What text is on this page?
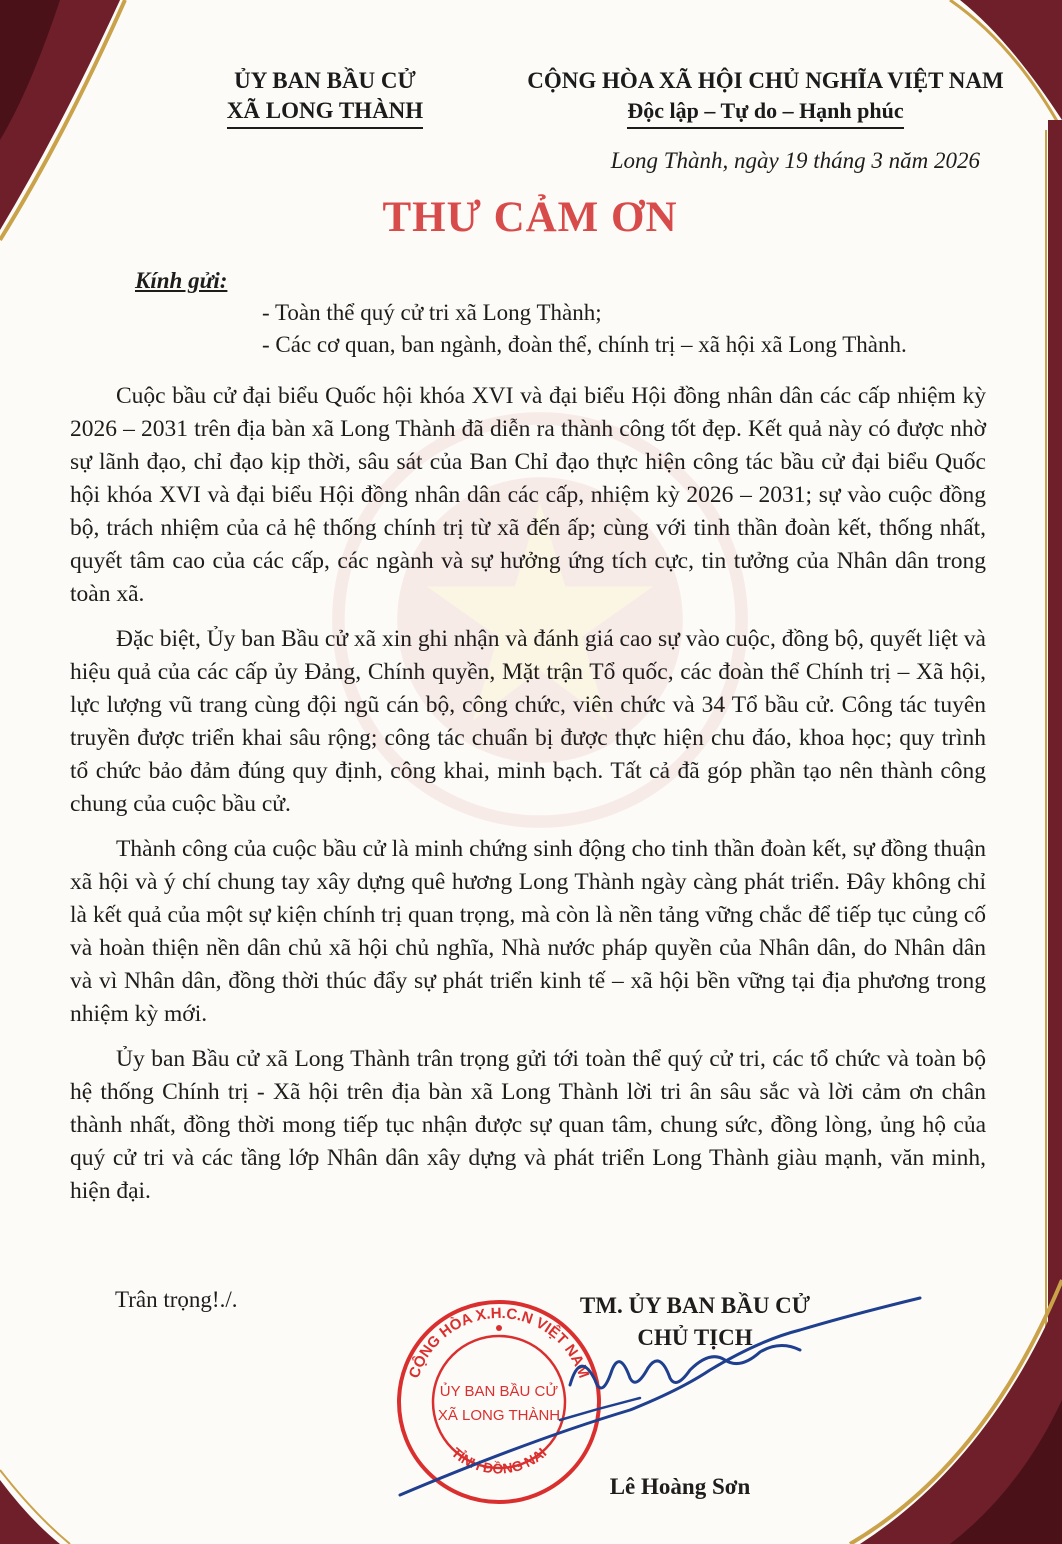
ỦY BAN BẦU CỬ
XÃ LONG THÀNH
CỘNG HÒA XÃ HỘI CHỦ NGHĨA VIỆT NAM
Độc lập – Tự do – Hạnh phúc
Long Thành, ngày 19 tháng 3 năm 2026
THƯ CẢM ƠN
Kính gửi:
- Toàn thể quý cử tri xã Long Thành;
- Các cơ quan, ban ngành, đoàn thể, chính trị – xã hội xã Long Thành.

Cuộc bầu cử đại biểu Quốc hội khóa XVI và đại biểu Hội đồng nhân dân các cấp nhiệm kỳ 2026 – 2031 trên địa bàn xã Long Thành đã diễn ra thành công tốt đẹp. Kết quả này có được nhờ sự lãnh đạo, chỉ đạo kịp thời, sâu sát của Ban Chỉ đạo thực hiện công tác bầu cử đại biểu Quốc hội khóa XVI và đại biểu Hội đồng nhân dân các cấp, nhiệm kỳ 2026 – 2031; sự vào cuộc đồng bộ, trách nhiệm của cả hệ thống chính trị từ xã đến ấp; cùng với tinh thần đoàn kết, thống nhất, quyết tâm cao của các cấp, các ngành và sự hưởng ứng tích cực, tin tưởng của Nhân dân trong toàn xã.

Đặc biệt, Ủy ban Bầu cử xã xin ghi nhận và đánh giá cao sự vào cuộc, đồng bộ, quyết liệt và hiệu quả của các cấp ủy Đảng, Chính quyền, Mặt trận Tổ quốc, các đoàn thể Chính trị – Xã hội, lực lượng vũ trang cùng đội ngũ cán bộ, công chức, viên chức và 34 Tổ bầu cử. Công tác tuyên truyền được triển khai sâu rộng; công tác chuẩn bị được thực hiện chu đáo, khoa học; quy trình tổ chức bảo đảm đúng quy định, công khai, minh bạch. Tất cả đã góp phần tạo nên thành công chung của cuộc bầu cử.

Thành công của cuộc bầu cử là minh chứng sinh động cho tinh thần đoàn kết, sự đồng thuận xã hội và ý chí chung tay xây dựng quê hương Long Thành ngày càng phát triển. Đây không chỉ là kết quả của một sự kiện chính trị quan trọng, mà còn là nền tảng vững chắc để tiếp tục củng cố và hoàn thiện nền dân chủ xã hội chủ nghĩa, Nhà nước pháp quyền của Nhân dân, do Nhân dân và vì Nhân dân, đồng thời thúc đẩy sự phát triển kinh tế – xã hội bền vững tại địa phương trong nhiệm kỳ mới.

Ủy ban Bầu cử xã Long Thành trân trọng gửi tới toàn thể quý cử tri, các tổ chức và toàn bộ hệ thống Chính trị - Xã hội trên địa bàn xã Long Thành lời tri ân sâu sắc và lời cảm ơn chân thành nhất, đồng thời mong tiếp tục nhận được sự quan tâm, chung sức, đồng lòng, ủng hộ của quý cử tri và các tầng lớp Nhân dân xây dựng và phát triển Long Thành giàu mạnh, văn minh, hiện đại.

Trân trọng!./.	TM. ỦY BAN BẦU CỬ
CHỦ TỊCH
CỘNG HÒA X.H.C.N VIỆT NAM
ỦY BAN BẦU CỬ
XÃ LONG THÀNH
TỈNH ĐỒNG NAI
Lê Hoàng Sơn
